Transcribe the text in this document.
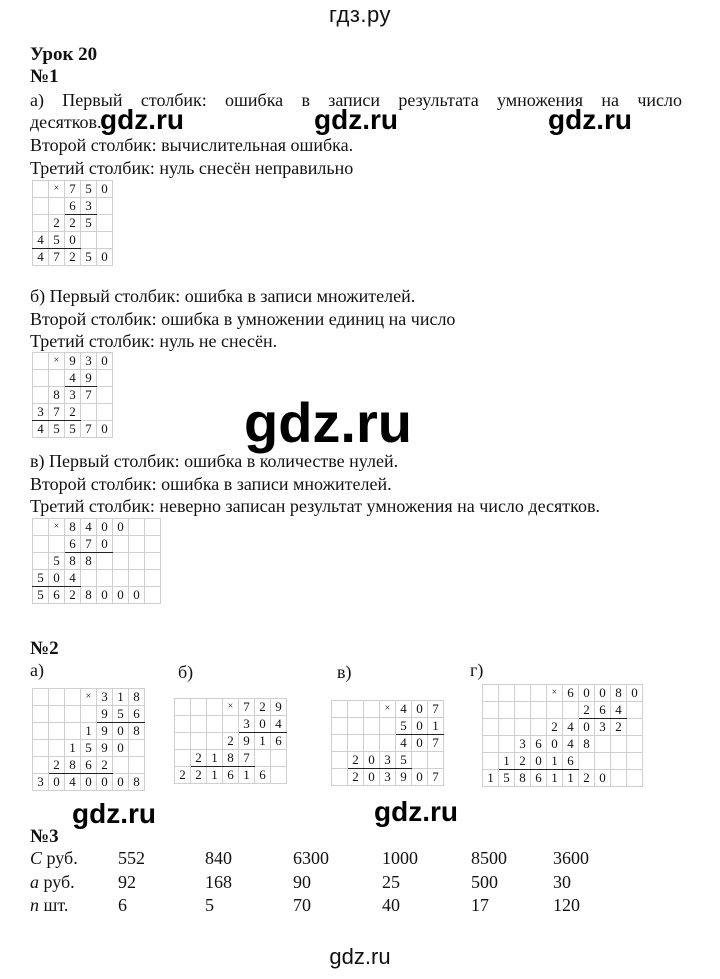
гдз.ру
Урок 20
№1
а) Первый столбик: ошибка в записи результата умножения на число
десятков.
Второй столбик: вычислительная ошибка.
Третий столбик: нуль снесён неправильно
	×	7	5	0
		6	3	
	2	2	5	
4	5	0		
4	7	2	5	0
б) Первый столбик: ошибка в записи множителей.
Второй столбик: ошибка в умножении единиц на число
Третий столбик: нуль не снесён.
	×	9	3	0
		4	9	
	8	3	7	
3	7	2		
4	5	5	7	0
в) Первый столбик: ошибка в количестве нулей.
Второй столбик: ошибка в записи множителей.
Третий столбик: неверно записан результат умножения на число десятков.
	×	8	4	0	0		
		6	7	0			
	5	8	8				
5	0	4					
5	6	2	8	0	0	0	
№2
а)	б)	в)	г)
			×	3	1	8
				9	5	6
			1	9	0	8
		1	5	9	0	
	2	8	6	2		
3	0	4	0	0	0	8
			×	7	2	9
				3	0	4
			2	9	1	6
	2	1	8	7		
2	2	1	6	1	6	
			×	4	0	7
				5	0	1
				4	0	7
	2	0	3	5		
	2	0	3	9	0	7
				×	6	0	0	8	0
						2	6	4	
				2	4	0	3	2	
		3	6	0	4	8			
	1	2	0	1	6				
1	5	8	6	1	1	2	0		
№3
С руб. 552	840	6300	1000	8500	3600
а руб. 92	168	90	25	500	30
n шт.	6	5	70	40	17	120
gdz.ru	gdz.ru	gdz.ru
gdz.ru
gdz.ru	gdz.ru
gdz.ru
